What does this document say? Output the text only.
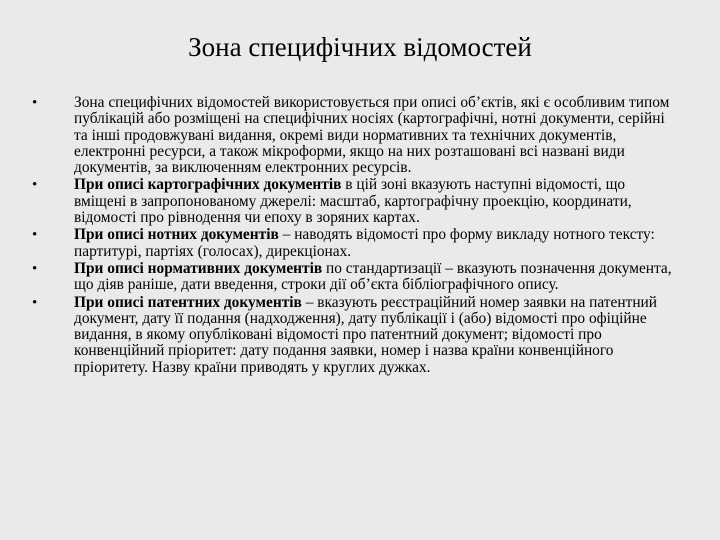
Зона специфічних відомостей
• Зона специфічних відомостей використовується при описі об’єктів, які є особливим типом публікацій або розміщені на специфічних носіях (картографічні, нотні документи, серійні та інші продовжувані видання, окремі види нормативних та технічних документів, електронні ресурси, а також мікроформи, якщо на них розташовані всі названі види документів, за виключенням електронних ресурсів.
• При описі картографічних документів в цій зоні вказують наступні відомості, що вміщені в запропонованому джерелі: масштаб, картографічну проекцію, координати, відомості про рівнодення чи епоху в зоряних картах.
• При описі нотних документів – наводять відомості про форму викладу нотного тексту: партитурі, партіях (голосах), дирекціонах.
• При описі нормативних документів по стандартизації – вказують позначення документа, що діяв раніше, дати введення, строки дії об’єкта бібліографічного опису.
• При описі патентних документів – вказують реєстраційний номер заявки на патентний документ, дату її подання (надходження), дату публікації і (або) відомості про офіційне видання, в якому опубліковані відомості про патентний документ; відомості про конвенційний пріоритет: дату подання заявки, номер і назва країни конвенційного пріоритету. Назву країни приводять у круглих дужках.
